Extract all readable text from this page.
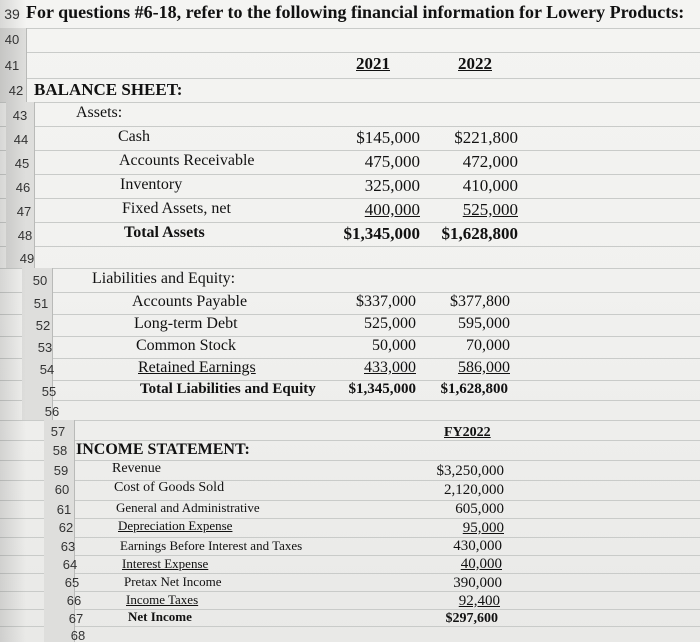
39 For questions #6-18, refer to the following financial information for Lowery Products:
40
41
42
43
44
45
46
47
48
49
50
51
52
53
54
55
56
57
58
59
60
61
62
63
64
65
66
67
68
2021	2022
BALANCE SHEET:
Assets:
Cash	$145,000	$221,800
Accounts Receivable	475,000	472,000
Inventory	325,000	410,000
Fixed Assets, net	400,000	525,000
Total Assets	$1,345,000	$1,628,800
Liabilities and Equity:
Accounts Payable	$337,000	$377,800
Long-term Debt	525,000	595,000
Common Stock	50,000	70,000
Retained Earnings	433,000	586,000
Total Liabilities and Equity	$1,345,000	$1,628,800
FY2022
INCOME STATEMENT:
Revenue	$3,250,000
Cost of Goods Sold	2,120,000
General and Administrative	605,000
Depreciation Expense	95,000
Earnings Before Interest and Taxes	430,000
Interest Expense	40,000
Pretax Net Income	390,000
Income Taxes	92,400
Net Income	$297,600
